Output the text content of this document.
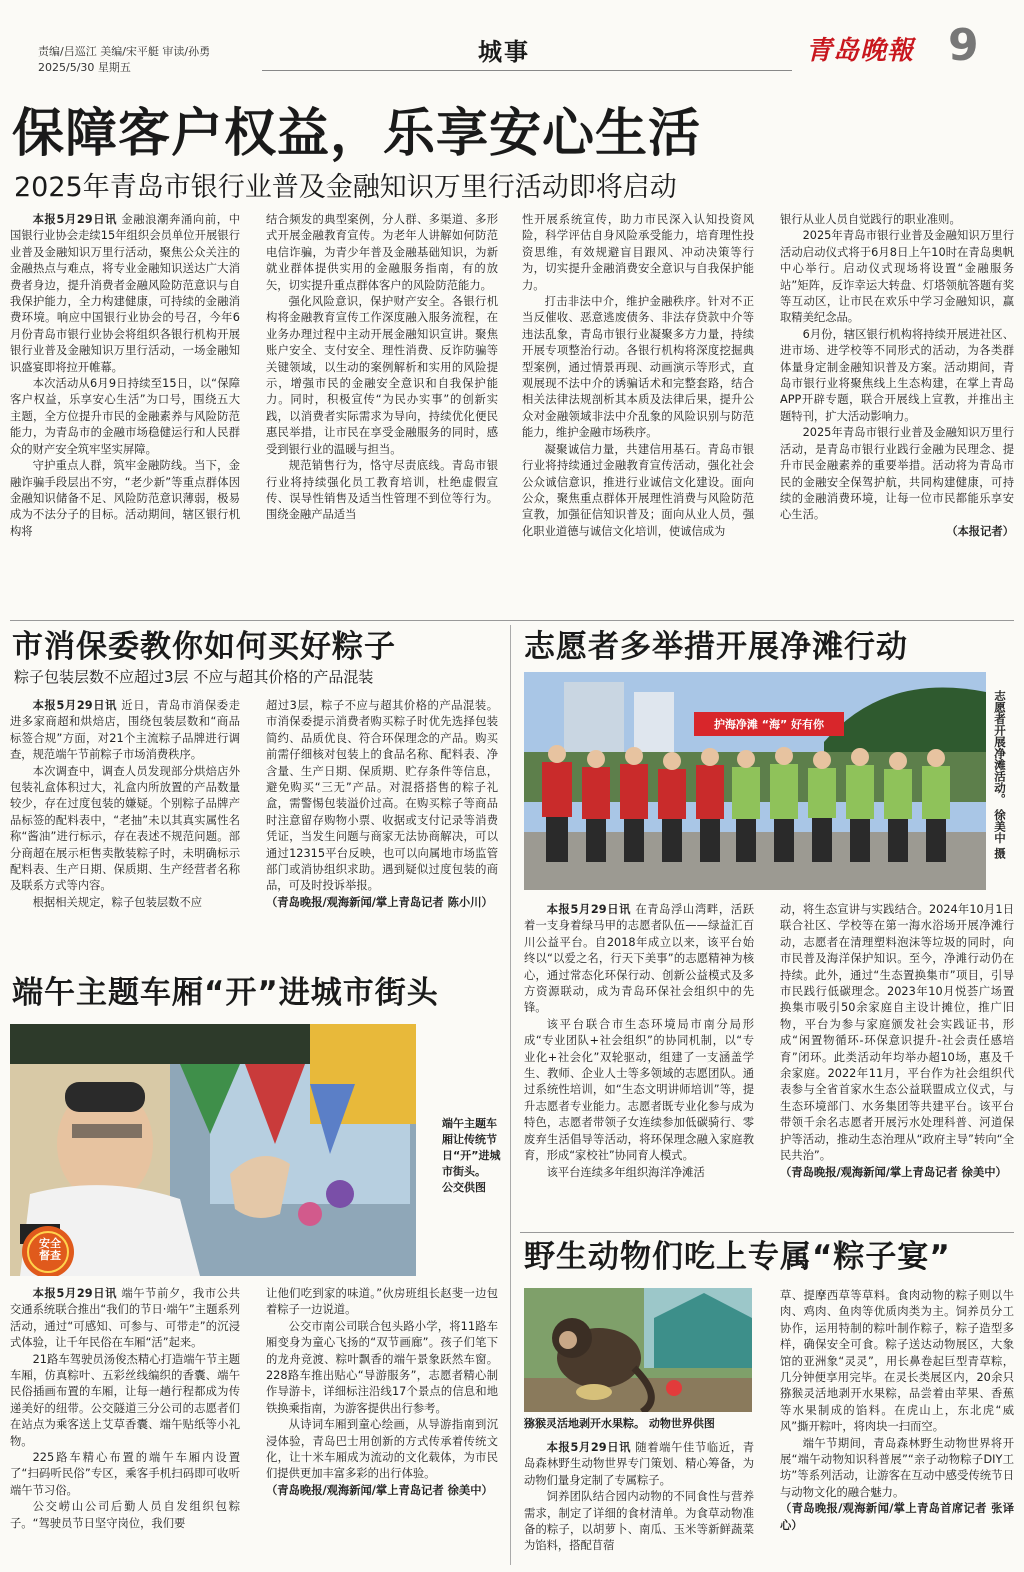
责编/吕巡江 美编/宋平艇 审读/孙勇
2025/5/30 星期五
城事	青岛晚報 9
保障客户权益，乐享安心生活
2025年青岛市银行业普及金融知识万里行活动即将启动

本报5月29日讯 金融浪潮奔涌向前，中国银行业协会走续15年组织会员单位开展银行业普及金融知识万里行活动，聚焦公众关注的金融热点与难点，将专业金融知识送达广大消费者身边，提升消费者金融风险防范意识与自我保护能力，全力构建健康，可持续的金融消费环境。响应中国银行业协会的号召，今年6月份青岛市银行业协会将组织各银行机构开展银行业普及金融知识万里行活动，一场金融知识盛宴即将拉开帷幕。

本次活动从6月9日持续至15日，以“保障客户权益，乐享安心生活”为口号，围绕五大主题，全方位提升市民的金融素养与风险防范能力，为青岛市的金融市场稳健运行和人民群众的财产安全筑牢坚实屏障。

守护重点人群，筑牢金融防线。当下，金融诈骗手段层出不穷，“老少新”等重点群体因金融知识储备不足、风险防范意识薄弱，极易成为不法分子的目标。活动期间，辖区银行机构将

结合频发的典型案例，分人群、多渠道、多形式开展金融教育宣传。为老年人讲解如何防范电信诈骗，为青少年普及金融基础知识，为新就业群体提供实用的金融服务指南，有的放矢，切实提升重点群体客户的风险防范能力。

强化风险意识，保护财产安全。各银行机构将金融教育宣传工作深度融入服务流程，在业务办理过程中主动开展金融知识宣讲。聚焦账户安全、支付安全、理性消费、反诈防骗等关键领域，以生动的案例解析和实用的风险提示，增强市民的金融安全意识和自我保护能力。同时，积极宣传“为民办实事”的创新实践，以消费者实际需求为导向，持续优化便民惠民举措，让市民在享受金融服务的同时，感受到银行业的温暖与担当。

规范销售行为，恪守尽责底线。青岛市银行业将持续强化员工教育培训，杜绝虚假宣传、误导性销售及适当性管理不到位等行为。围绕金融产品适当

性开展系统宣传，助力市民深入认知投资风险，科学评估自身风险承受能力，培育理性投资思维，有效规避盲目跟风、冲动决策等行为，切实提升金融消费安全意识与自我保护能力。

打击非法中介，维护金融秩序。针对不正当反催收、恶意逃废债务、非法存贷款中介等违法乱象，青岛市银行业凝聚多方力量，持续开展专项整治行动。各银行机构将深度挖掘典型案例，通过情景再现、动画演示等形式，直观展现不法中介的诱骗话术和完整套路，结合相关法律法规剖析其本质及法律后果，提升公众对金融领域非法中介乱象的风险识别与防范能力，维护金融市场秩序。

凝聚诚信力量，共建信用基石。青岛市银行业将持续通过金融教育宣传活动，强化社会公众诚信意识，推进行业诚信文化建设。面向公众，聚焦重点群体开展理性消费与风险防范宣教，加强征信知识普及；面向从业人员，强化职业道德与诚信文化培训，使诚信成为

银行从业人员自觉践行的职业准则。

2025年青岛市银行业普及金融知识万里行活动启动仪式将于6月8日上午10时在青岛奥帆中心举行。启动仪式现场将设置“金融服务站”矩阵，反诈幸运大转盘、灯塔领航答题有奖等互动区，让市民在欢乐中学习金融知识，赢取精美纪念品。

6月份，辖区银行机构将持续开展进社区、进市场、进学校等不同形式的活动，为各类群体量身定制金融知识普及方案。活动期间，青岛市银行业将聚焦线上生态构建，在掌上青岛APP开辟专题，联合开展线上宣教，并推出主题特刊，扩大活动影响力。

2025年青岛市银行业普及金融知识万里行活动，是青岛市银行业践行金融为民理念、提升市民金融素养的重要举措。活动将为青岛市民的金融安全保驾护航，共同构建健康，可持续的金融消费环境，让每一位市民都能乐享安心生活。

（本报记者）

市消保委教你如何买好粽子
粽子包装层数不应超过3层 不应与超其价格的产品混装

本报5月29日讯 近日，青岛市消保委走进多家商超和烘焙店，围绕包装层数和“商品标签合规”方面，对21个主流粽子品牌进行调查，规范端午节前粽子市场消费秩序。

本次调查中，调查人员发现部分烘焙店外包装礼盒体积过大，礼盒内所放置的产品数量较少，存在过度包装的嫌疑。个别粽子品牌产品标签的配料表中，“老抽”未以其真实属性名称“酱油”进行标示，存在表述不规范问题。部分商超在展示柜售卖散装粽子时，未明确标示配料表、生产日期、保质期、生产经营者名称及联系方式等内容。

根据相关规定，粽子包装层数不应

超过3层，粽子不应与超其价格的产品混装。市消保委提示消费者购买粽子时优先选择包装简约、品质优良、符合环保理念的产品。购买前需仔细核对包装上的食品名称、配料表、净含量、生产日期、保质期、贮存条件等信息，避免购买“三无”产品。对混搭搭售的粽子礼盒，需警惕包装溢价过高。在购买粽子等商品时注意留存购物小票、收据或支付记录等消费凭证，当发生问题与商家无法协商解决，可以通过12315平台反映，也可以向属地市场监管部门或消协组织求助。遇到疑似过度包装的商品，可及时投诉举报。

（青岛晚报/观海新闻/掌上青岛记者 陈小川）

端午主题车厢“开”进城市街头
安全督查
端午主题车厢让传统节日“开”进城市街头。
公交供图

本报5月29日讯 端午节前夕，我市公共交通系统联合推出“我们的节日·端午”主题系列活动，通过“可感知、可参与、可带走”的沉浸式体验，让千年民俗在车厢“活”起来。

21路车驾驶员汤俊杰精心打造端午节主题车厢，仿真粽叶、五彩丝线编织的香囊、端午民俗插画布置的车厢，让每一趟行程都成为传递美好的纽带。公交隧道三分公司的志愿者们在站点为乘客送上艾草香囊、端午贴纸等小礼物。

225路车精心布置的端午车厢内设置了“扫码听民俗”专区，乘客手机扫码即可收听端午节习俗。

公交崂山公司后勤人员自发组织包粽子。“驾驶员节日坚守岗位，我们要

让他们吃到家的味道。”伙房班组长赵斐一边包着粽子一边说道。

公交市南公司联合包头路小学，将11路车厢变身为童心飞扬的“双节画廊”。孩子们笔下的龙舟竞渡、粽叶飘香的端午景象跃然车窗。228路车推出贴心“导游服务”，志愿者精心制作导游卡，详细标注沿线17个景点的信息和地铁换乘指南，为游客提供出行参考。

从诗词车厢到童心绘画，从导游指南到沉浸体验，青岛巴士用创新的方式传承着传统文化，让十米车厢成为流动的文化载体，为市民们提供更加丰富多彩的出行体验。

（青岛晚报/观海新闻/掌上青岛记者 徐美中）

志愿者多举措开展净滩行动
护海净滩 “海” 好有你	志愿者开展净滩活动。 徐美中 摄

本报5月29日讯 在青岛浮山湾畔，活跃着一支身着绿马甲的志愿者队伍——绿益汇百川公益平台。自2018年成立以来，该平台始终以“以爱之名，行天下美事”的志愿精神为核心，通过常态化环保行动、创新公益模式及多方资源联动，成为青岛环保社会组织中的先锋。

该平台联合市生态环境局市南分局形成“专业团队+社会组织”的协同机制，以“专业化+社会化”双轮驱动，组建了一支涵盖学生、教师、企业人士等多领域的志愿团队。通过系统性培训，如“生态文明讲师培训”等，提升志愿者专业能力。志愿者既专业化参与成为特色，志愿者带领子女连续参加低碳骑行、零废弃生活倡导等活动，将环保理念融入家庭教育，形成“家校社”协同育人模式。

该平台连续多年组织海洋净滩活

动，将生态宣讲与实践结合。2024年10月1日联合社区、学校等在第一海水浴场开展净滩行动，志愿者在清理塑料泡沫等垃圾的同时，向市民普及海洋保护知识。至今，净滩行动仍在持续。此外，通过“生态置换集市”项目，引导市民践行低碳理念。2023年10月悦荟广场置换集市吸引50余家庭自主设计摊位，推广旧物，平台为参与家庭颁发社会实践证书，形成“闲置物循环-环保意识提升-社会责任感培育”闭环。此类活动年均举办超10场，惠及千余家庭。2022年11月，平台作为社会组织代表参与全省首家水生态公益联盟成立仪式，与生态环境部门、水务集团等共建平台。该平台带领千余名志愿者开展污水处理科普、河道保护等活动，推动生态治理从“政府主导”转向“全民共治”。

（青岛晚报/观海新闻/掌上青岛记者 徐美中）

野生动物们吃上专属“粽子宴”
猕猴灵活地剥开水果粽。 动物世界供图

本报5月29日讯 随着端午佳节临近，青岛森林野生动物世界专门策划、精心筹备，为动物们量身定制了专属粽子。

饲养团队结合园内动物的不同食性与营养需求，制定了详细的食材清单。为食草动物准备的粽子，以胡萝卜、南瓜、玉米等新鲜蔬菜为馅料，搭配苜蓿

草、提摩西草等草料。食肉动物的粽子则以牛肉、鸡肉、鱼肉等优质肉类为主。饲养员分工协作，运用特制的粽叶制作粽子，粽子造型多样，确保安全可食。粽子送达动物展区，大象馆的亚洲象“灵灵”，用长鼻卷起巨型青草粽，几分钟便享用完毕。在灵长类展区内，20余只猕猴灵活地剥开水果粽，品尝着由苹果、香蕉等水果制成的馅料。在虎山上，东北虎“威风”撕开粽叶，将肉块一扫而空。

端午节期间，青岛森林野生动物世界将开展“端午动物知识科普展”“亲子动物粽子DIY工坊”等系列活动，让游客在互动中感受传统节日与动物文化的融合魅力。

（青岛晚报/观海新闻/掌上青岛首席记者 张译心）
